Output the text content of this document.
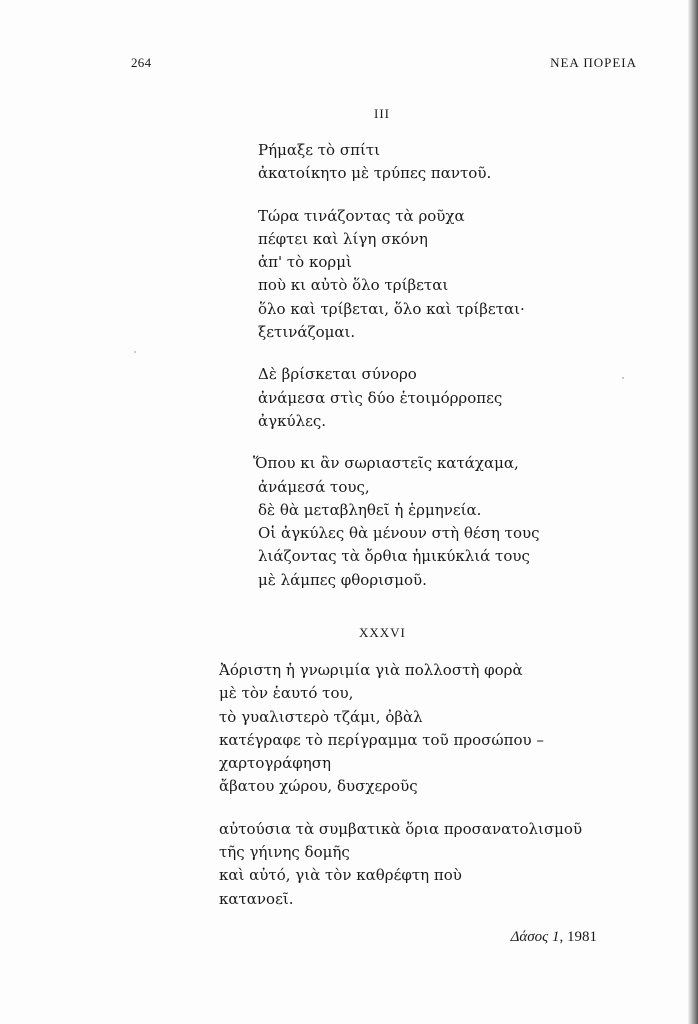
264	ΝΕΑ ΠΟΡΕΙΑ
III
Ρήμαξε τὸ σπίτι
ἀκατοίκητο μὲ τρύπες παντοῦ.
Τώρα τινάζοντας τὰ ροῦχα
πέφτει καὶ λίγη σκόνη
ἀπ' τὸ κορμὶ
ποὺ κι αὐτὸ ὅλο τρίβεται
ὅλο καὶ τρίβεται, ὅλο καὶ τρίβεται·
ξετινάζομαι.
Δὲ βρίσκεται σύνορο
ἀνάμεσα στὶς δύο ἑτοιμόρροπες
ἀγκύλες.
Ὅπου κι ἂν σωριαστεῖς κατάχαμα,
ἀνάμεσά τους,
δὲ θὰ μεταβληθεῖ ἡ ἑρμηνεία.
Οἱ ἀγκύλες θὰ μένουν στὴ θέση τους
λιάζοντας τὰ ὄρθια ἡμικύκλιά τους
μὲ λάμπες φθορισμοῦ.
XXXVI
Ἀόριστη ἡ γνωριμία γιὰ πολλοστὴ φορὰ
μὲ τὸν ἑαυτό του,
τὸ γυαλιστερὸ τζάμι, ὀβὰλ
κατέγραφε τὸ περίγραμμα τοῦ προσώπου –
χαρτογράφηση
ἄβατου χώρου, δυσχεροῦς
αὐτούσια τὰ συμβατικὰ ὅρια προσανατολισμοῦ
τῆς γήινης δομῆς
καὶ αὐτό, γιὰ τὸν καθρέφτη ποὺ
κατανοεῖ.
Δάσος 1, 1981
